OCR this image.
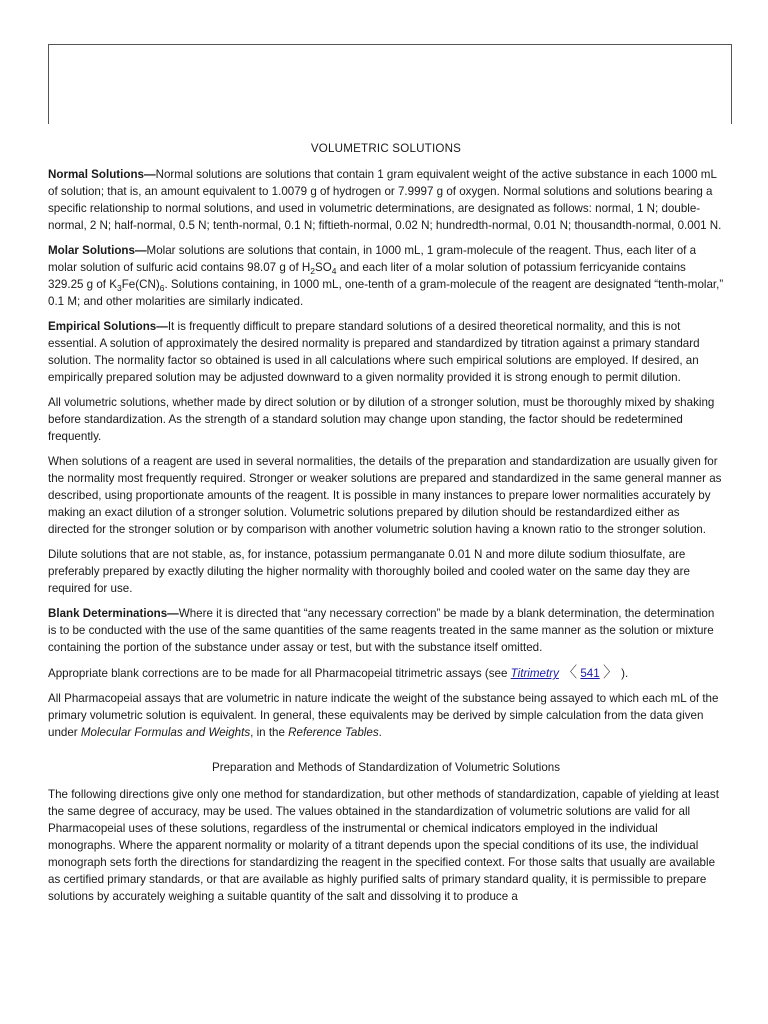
VOLUMETRIC SOLUTIONS

Normal Solutions—Normal solutions are solutions that contain 1 gram equivalent weight of the active substance in each 1000 mL of solution; that is, an amount equivalent to 1.0079 g of hydrogen or 7.9997 g of oxygen. Normal solutions and solutions bearing a specific relationship to normal solutions, and used in volumetric determinations, are designated as follows: normal, 1 N; double-normal, 2 N; half-normal, 0.5 N; tenth-normal, 0.1 N; fiftieth-normal, 0.02 N; hundredth-normal, 0.01 N; thousandth-normal, 0.001 N.

Molar Solutions—Molar solutions are solutions that contain, in 1000 mL, 1 gram-molecule of the reagent. Thus, each liter of a molar solution of sulfuric acid contains 98.07 g of $H_2SO_4$ and each liter of a molar solution of potassium ferricyanide contains 329.25 g of $K_3Fe(CN)_6$. Solutions containing, in 1000 mL, one-tenth of a gram-molecule of the reagent are designated “tenth-molar,” 0.1 M; and other molarities are similarly indicated.

Empirical Solutions—It is frequently difficult to prepare standard solutions of a desired theoretical normality, and this is not essential. A solution of approximately the desired normality is prepared and standardized by titration against a primary standard solution. The normality factor so obtained is used in all calculations where such empirical solutions are employed. If desired, an empirically prepared solution may be adjusted downward to a given normality provided it is strong enough to permit dilution.

All volumetric solutions, whether made by direct solution or by dilution of a stronger solution, must be thoroughly mixed by shaking before standardization. As the strength of a standard solution may change upon standing, the factor should be redetermined frequently.

When solutions of a reagent are used in several normalities, the details of the preparation and standardization are usually given for the normality most frequently required. Stronger or weaker solutions are prepared and standardized in the same general manner as described, using proportionate amounts of the reagent. It is possible in many instances to prepare lower normalities accurately by making an exact dilution of a stronger solution. Volumetric solutions prepared by dilution should be restandardized either as directed for the stronger solution or by comparison with another volumetric solution having a known ratio to the stronger solution.

Dilute solutions that are not stable, as, for instance, potassium permanganate 0.01 N and more dilute sodium thiosulfate, are preferably prepared by exactly diluting the higher normality with thoroughly boiled and cooled water on the same day they are required for use.

Blank Determinations—Where it is directed that “any necessary correction” be made by a blank determination, the determination is to be conducted with the use of the same quantities of the same reagents treated in the same manner as the solution or mixture containing the portion of the substance under assay or test, but with the substance itself omitted.

Appropriate blank corrections are to be made for all Pharmacopeial titrimetric assays (see Titrimetry 〈 541 〉 ).

All Pharmacopeial assays that are volumetric in nature indicate the weight of the substance being assayed to which each mL of the primary volumetric solution is equivalent. In general, these equivalents may be derived by simple calculation from the data given under Molecular Formulas and Weights, in the Reference Tables.

Preparation and Methods of Standardization of Volumetric Solutions

The following directions give only one method for standardization, but other methods of standardization, capable of yielding at least the same degree of accuracy, may be used. The values obtained in the standardization of volumetric solutions are valid for all Pharmacopeial uses of these solutions, regardless of the instrumental or chemical indicators employed in the individual monographs. Where the apparent normality or molarity of a titrant depends upon the special conditions of its use, the individual monograph sets forth the directions for standardizing the reagent in the specified context. For those salts that usually are available as certified primary standards, or that are available as highly purified salts of primary standard quality, it is permissible to prepare solutions by accurately weighing a suitable quantity of the salt and dissolving it to produce a
